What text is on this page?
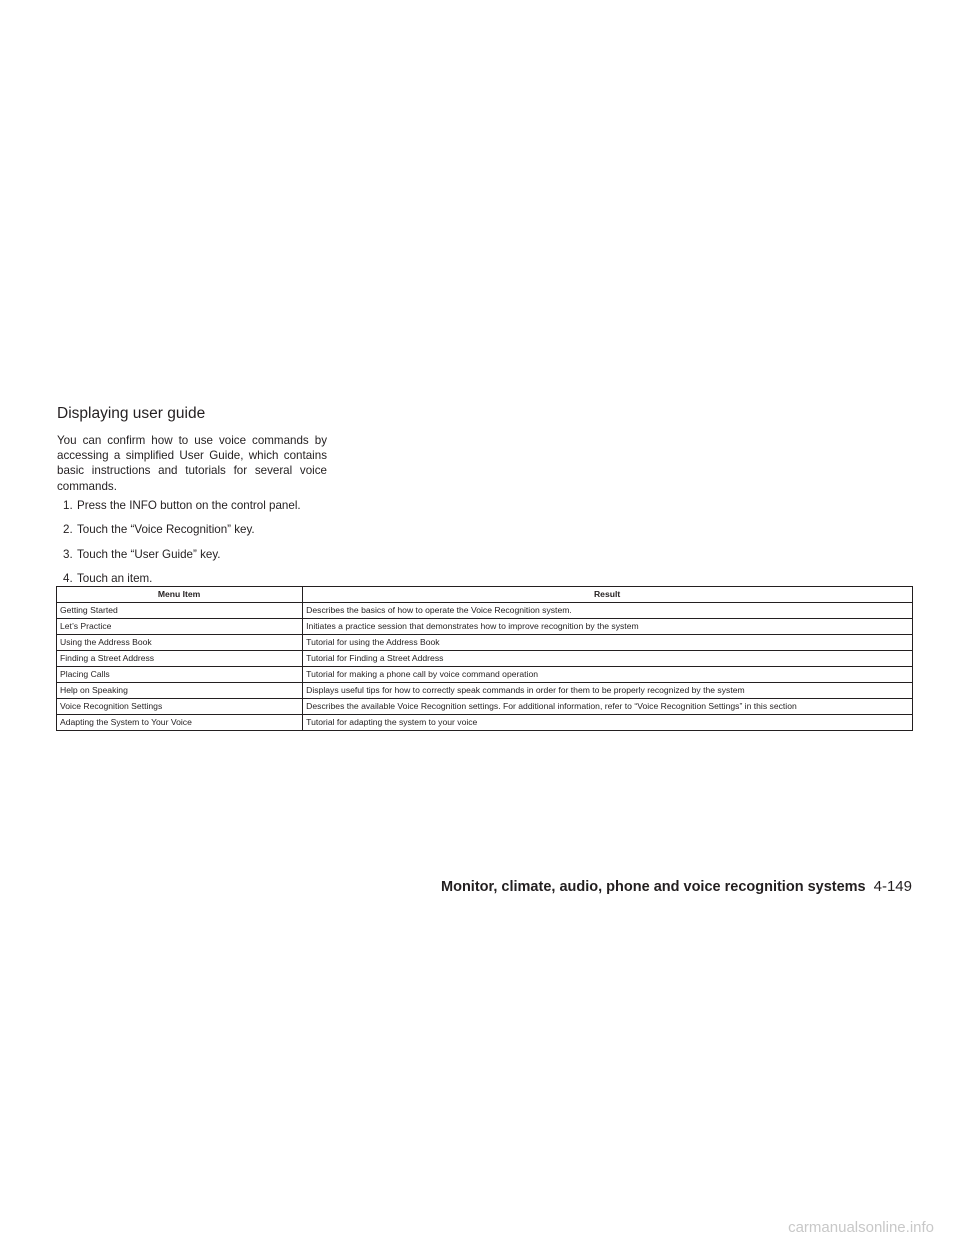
Displaying user guide

You can confirm how to use voice commands by accessing a simplified User Guide, which contains basic instructions and tutorials for several voice commands.

1. Press the INFO button on the control panel.
2. Touch the “Voice Recognition” key.
3. Touch the “User Guide” key.
4. Touch an item.
Menu Item	Result
Getting Started	Describes the basics of how to operate the Voice Recognition system.
Let’s Practice	Initiates a practice session that demonstrates how to improve recognition by the system
Using the Address Book	Tutorial for using the Address Book
Finding a Street Address	Tutorial for Finding a Street Address
Placing Calls	Tutorial for making a phone call by voice command operation
Help on Speaking	Displays useful tips for how to correctly speak commands in order for them to be properly recognized by the system
Voice Recognition Settings	Describes the available Voice Recognition settings. For additional information, refer to “Voice Recognition Settings” in this section
Adapting the System to Your Voice	Tutorial for adapting the system to your voice
Monitor, climate, audio, phone and voice recognition systems 4-149
carmanualsonline.info
